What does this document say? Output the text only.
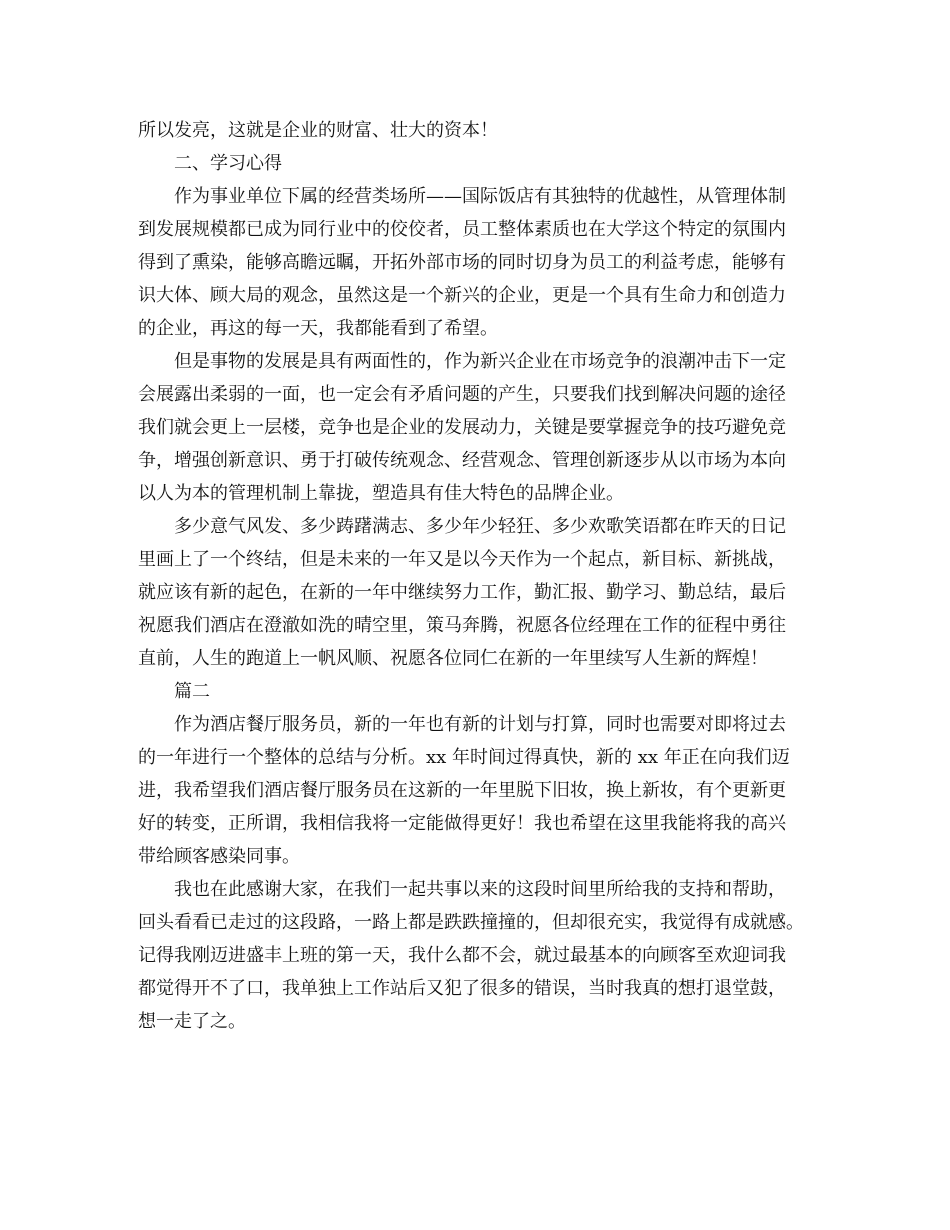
所以发亮，这就是企业的财富、壮大的资本！
二、学习心得
作为事业单位下属的经营类场所——国际饭店有其独特的优越性，从管理体制
到发展规模都已成为同行业中的佼佼者，员工整体素质也在大学这个特定的氛围内
得到了熏染，能够高瞻远瞩，开拓外部市场的同时切身为员工的利益考虑，能够有
识大体、顾大局的观念，虽然这是一个新兴的企业，更是一个具有生命力和创造力
的企业，再这的每一天，我都能看到了希望。
但是事物的发展是具有两面性的，作为新兴企业在市场竞争的浪潮冲击下一定
会展露出柔弱的一面，也一定会有矛盾问题的产生，只要我们找到解决问题的途径
我们就会更上一层楼，竞争也是企业的发展动力，关键是要掌握竞争的技巧避免竞
争，增强创新意识、勇于打破传统观念、经营观念、管理创新逐步从以市场为本向
以人为本的管理机制上靠拢，塑造具有佳大特色的品牌企业。
多少意气风发、多少踌躇满志、多少年少轻狂、多少欢歌笑语都在昨天的日记
里画上了一个终结，但是未来的一年又是以今天作为一个起点，新目标、新挑战，
就应该有新的起色，在新的一年中继续努力工作，勤汇报、勤学习、勤总结，最后
祝愿我们酒店在澄澈如洗的晴空里，策马奔腾，祝愿各位经理在工作的征程中勇往
直前，人生的跑道上一帆风顺、祝愿各位同仁在新的一年里续写人生新的辉煌！
篇二
作为酒店餐厅服务员，新的一年也有新的计划与打算，同时也需要对即将过去
的一年进行一个整体的总结与分析。xx 年时间过得真快，新的 xx 年正在向我们迈
进，我希望我们酒店餐厅服务员在这新的一年里脱下旧妆，换上新妆，有个更新更
好的转变，正所谓，我相信我将一定能做得更好！我也希望在这里我能将我的高兴
带给顾客感染同事。
我也在此感谢大家，在我们一起共事以来的这段时间里所给我的支持和帮助，
回头看看已走过的这段路，一路上都是跌跌撞撞的，但却很充实，我觉得有成就感。
记得我刚迈进盛丰上班的第一天，我什么都不会，就过最基本的向顾客至欢迎词我
都觉得开不了口，我单独上工作站后又犯了很多的错误，当时我真的想打退堂鼓，
想一走了之。
